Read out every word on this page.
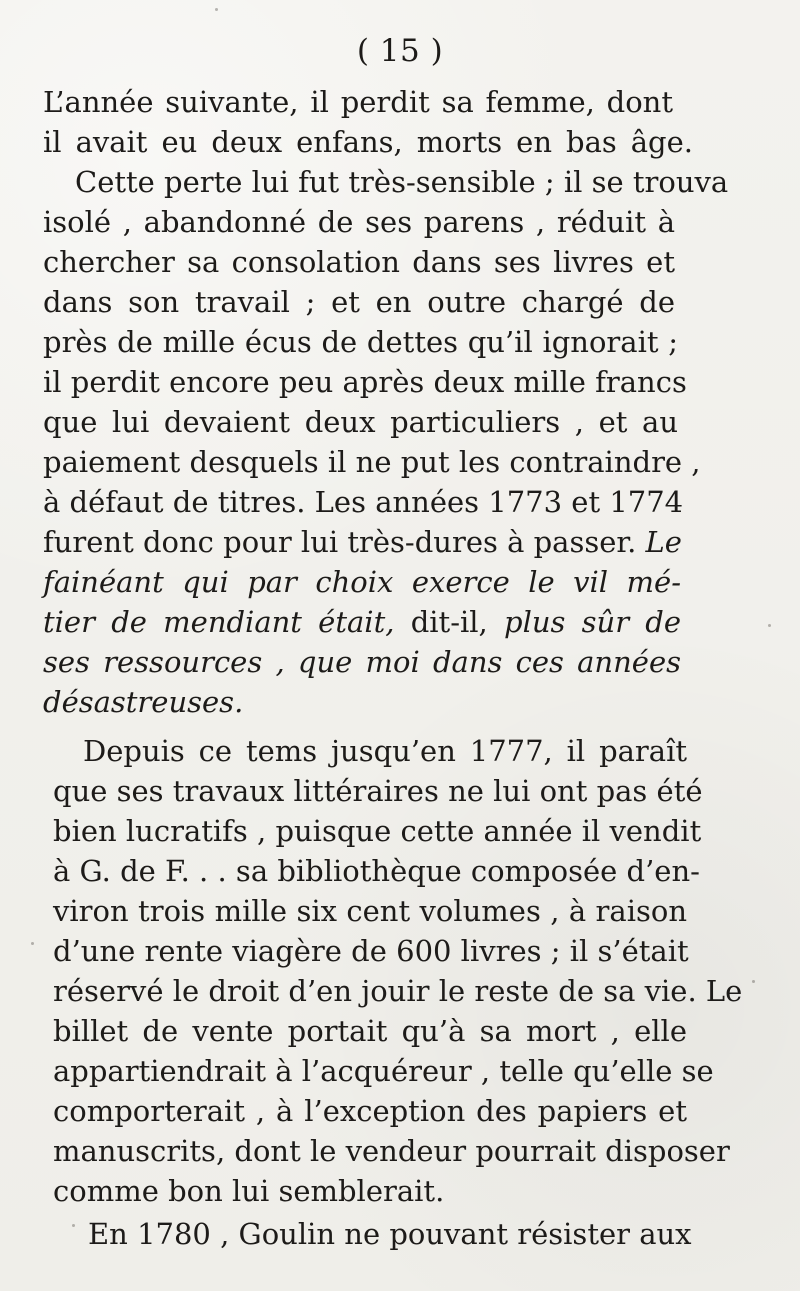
( 15 )
L’année suivante, il perdit sa femme, dont
il avait eu deux enfans, morts en bas âge.
Cette perte lui fut très-sensible ; il se trouva
isolé , abandonné de ses parens , réduit à
chercher sa consolation dans ses livres et
dans son travail ; et en outre chargé de
près de mille écus de dettes qu’il ignorait ;
il perdit encore peu après deux mille francs
que lui devaient deux particuliers , et au
paiement desquels il ne put les contraindre ,
à défaut de titres. Les années 1773 et 1774
furent donc pour lui très-dures à passer. Le
fainéant qui par choix exerce le vil mé-
tier de mendiant était, dit-il, plus sûr de
ses ressources , que moi dans ces années
désastreuses.
Depuis ce tems jusqu’en 1777, il paraît
que ses travaux littéraires ne lui ont pas été
bien lucratifs , puisque cette année il vendit
à G. de F. . . sa bibliothèque composée d’en-
viron trois mille six cent volumes , à raison
d’une rente viagère de 600 livres ; il s’était
réservé le droit d’en jouir le reste de sa vie. Le
billet de vente portait qu’à sa mort , elle
appartiendrait à l’acquéreur , telle qu’elle se
comporterait , à l’exception des papiers et
manuscrits, dont le vendeur pourrait disposer
comme bon lui semblerait.
En 1780 , Goulin ne pouvant résister aux
